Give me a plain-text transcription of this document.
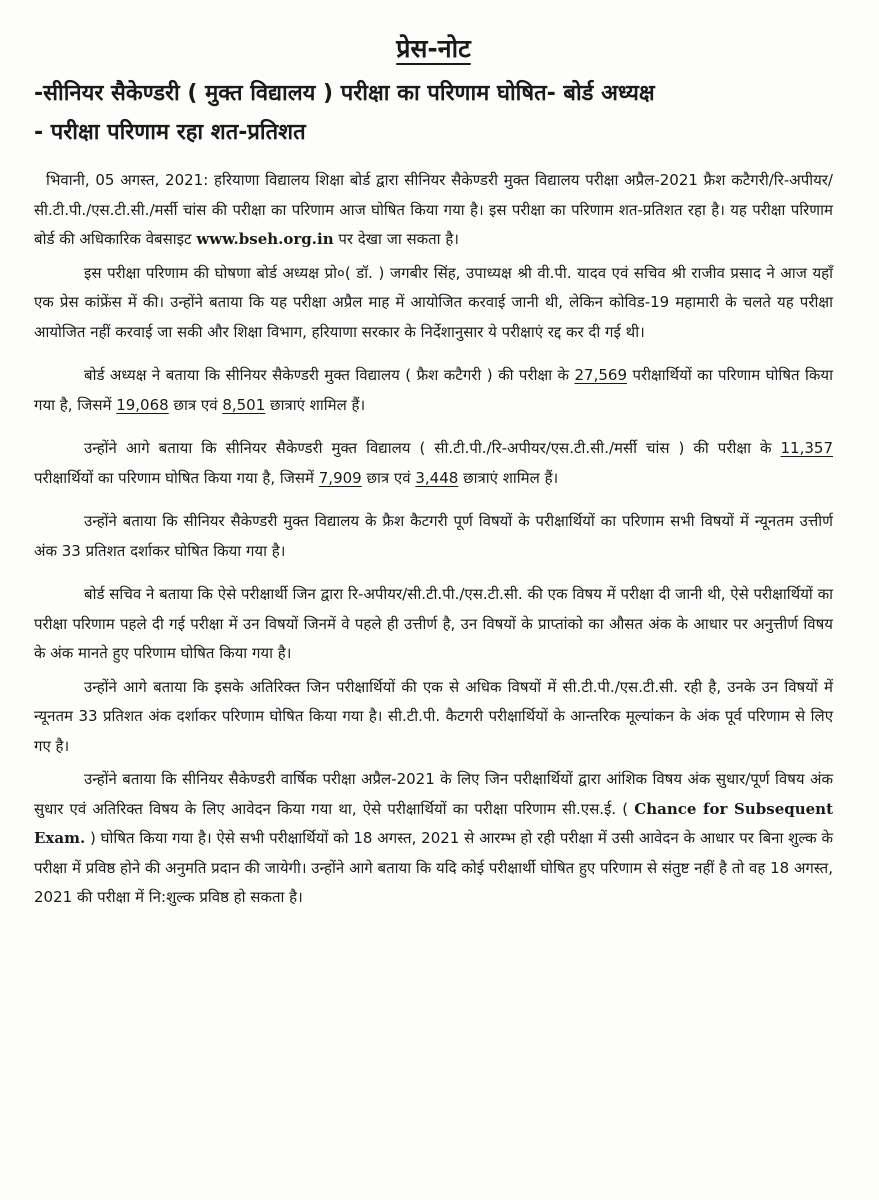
प्रेस-नोट

-सीनियर सैकेण्डरी ( मुक्त विद्यालय ) परीक्षा का परिणाम घोषित- बोर्ड अध्यक्ष

- परीक्षा परिणाम रहा शत-प्रतिशत

भिवानी, 05 अगस्त, 2021: हरियाणा विद्यालय शिक्षा बोर्ड द्वारा सीनियर सैकेण्डरी मुक्त विद्यालय परीक्षा अप्रैल-2021 फ्रैश कटैगरी/रि-अपीयर/सी.टी.पी./एस.टी.सी./मर्सी चांस की परीक्षा का परिणाम आज घोषित किया गया है। इस परीक्षा का परिणाम शत-प्रतिशत रहा है। यह परीक्षा परिणाम बोर्ड की अधिकारिक वेबसाइट www.bseh.org.in पर देखा जा सकता है।

इस परीक्षा परिणाम की घोषणा बोर्ड अध्यक्ष प्रो०( डॉ. ) जगबीर सिंह, उपाध्यक्ष श्री वी.पी. यादव एवं सचिव श्री राजीव प्रसाद ने आज यहाँ एक प्रेस कांफ्रेंस में की। उन्होंने बताया कि यह परीक्षा अप्रैल माह में आयोजित करवाई जानी थी, लेकिन कोविड-19 महामारी के चलते यह परीक्षा आयोजित नहीं करवाई जा सकी और शिक्षा विभाग, हरियाणा सरकार के निर्देशानुसार ये परीक्षाएं रद्द कर दी गई थी।

बोर्ड अध्यक्ष ने बताया कि सीनियर सैकेण्डरी मुक्त विद्यालय ( फ्रैश कटैगरी ) की परीक्षा के 27,569 परीक्षार्थियों का परिणाम घोषित किया गया है, जिसमें 19,068 छात्र एवं 8,501 छात्राएं शामिल हैं।

उन्होंने आगे बताया कि सीनियर सैकेण्डरी मुक्त विद्यालय ( सी.टी.पी./रि-अपीयर/एस.टी.सी./मर्सी चांस ) की परीक्षा के 11,357 परीक्षार्थियों का परिणाम घोषित किया गया है, जिसमें 7,909 छात्र एवं 3,448 छात्राएं शामिल हैं।

उन्होंने बताया कि सीनियर सैकेण्डरी मुक्त विद्यालय के फ्रैश कैटगरी पूर्ण विषयों के परीक्षार्थियों का परिणाम सभी विषयों में न्यूनतम उत्तीर्ण अंक 33 प्रतिशत दर्शाकर घोषित किया गया है।

बोर्ड सचिव ने बताया कि ऐसे परीक्षार्थी जिन द्वारा रि-अपीयर/सी.टी.पी./एस.टी.सी. की एक विषय में परीक्षा दी जानी थी, ऐसे परीक्षार्थियों का परीक्षा परिणाम पहले दी गई परीक्षा में उन विषयों जिनमें वे पहले ही उत्तीर्ण है, उन विषयों के प्राप्तांको का औसत अंक के आधार पर अनुत्तीर्ण विषय के अंक मानते हुए परिणाम घोषित किया गया है।

उन्होंने आगे बताया कि इसके अतिरिक्त जिन परीक्षार्थियों की एक से अधिक विषयों में सी.टी.पी./एस.टी.सी. रही है, उनके उन विषयों में न्यूनतम 33 प्रतिशत अंक दर्शाकर परिणाम घोषित किया गया है। सी.टी.पी. कैटगरी परीक्षार्थियों के आन्तरिक मूल्यांकन के अंक पूर्व परिणाम से लिए गए है।

उन्होंने बताया कि सीनियर सैकेण्डरी वार्षिक परीक्षा अप्रैल-2021 के लिए जिन परीक्षार्थियों द्वारा आंशिक विषय अंक सुधार/पूर्ण विषय अंक सुधार एवं अतिरिक्त विषय के लिए आवेदन किया गया था, ऐसे परीक्षार्थियों का परीक्षा परिणाम सी.एस.ई. ( Chance for Subsequent Exam. ) घोषित किया गया है। ऐसे सभी परीक्षार्थियों को 18 अगस्त, 2021 से आरम्भ हो रही परीक्षा में उसी आवेदन के आधार पर बिना शुल्क के परीक्षा में प्रविष्ठ होने की अनुमति प्रदान की जायेगी। उन्होंने आगे बताया कि यदि कोई परीक्षार्थी घोषित हुए परिणाम से संतुष्ट नहीं है तो वह 18 अगस्त, 2021 की परीक्षा में नि:शुल्क प्रविष्ठ हो सकता है।
